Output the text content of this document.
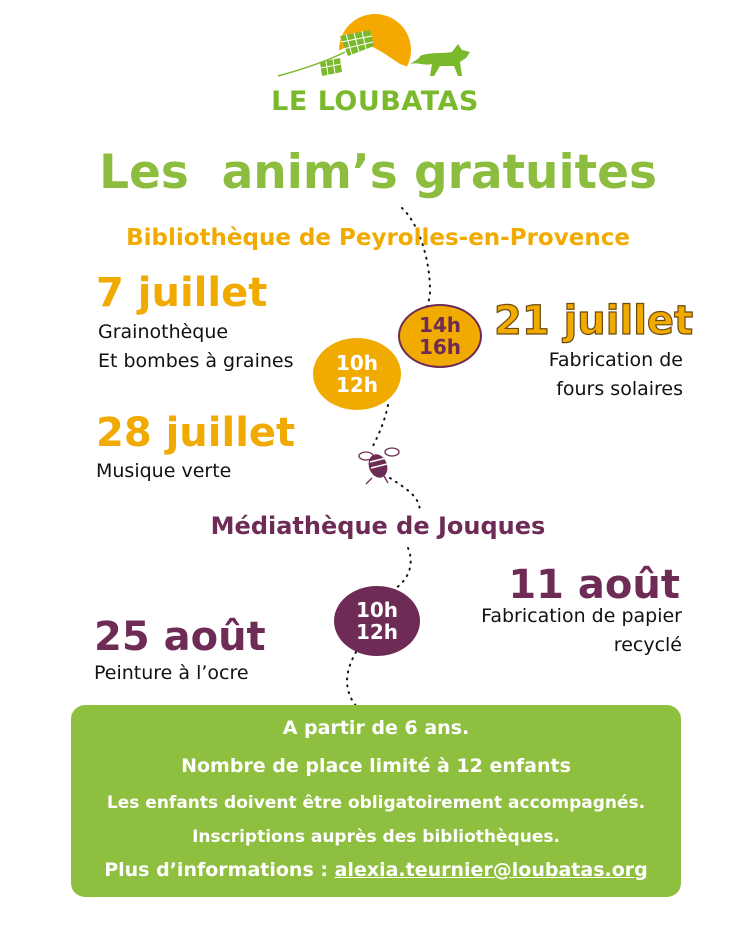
LE LOUBATAS
Les  anim’s gratuites
Bibliothèque de Peyrolles-en-Provence
7 juillet
Grainothèque
Et bombes à graines
21 juillet
Fabrication de
fours solaires
14h
16h
10h
12h
28 juillet
Musique verte
Médiathèque de Jouques
11 août
Fabrication de papier
recyclé
10h
12h
25 août
Peinture à l’ocre
A partir de 6 ans.
Nombre de place limité à 12 enfants
Les enfants doivent être obligatoirement accompagnés.
Inscriptions auprès des bibliothèques.
Plus d’informations : alexia.teurnier@loubatas.org
